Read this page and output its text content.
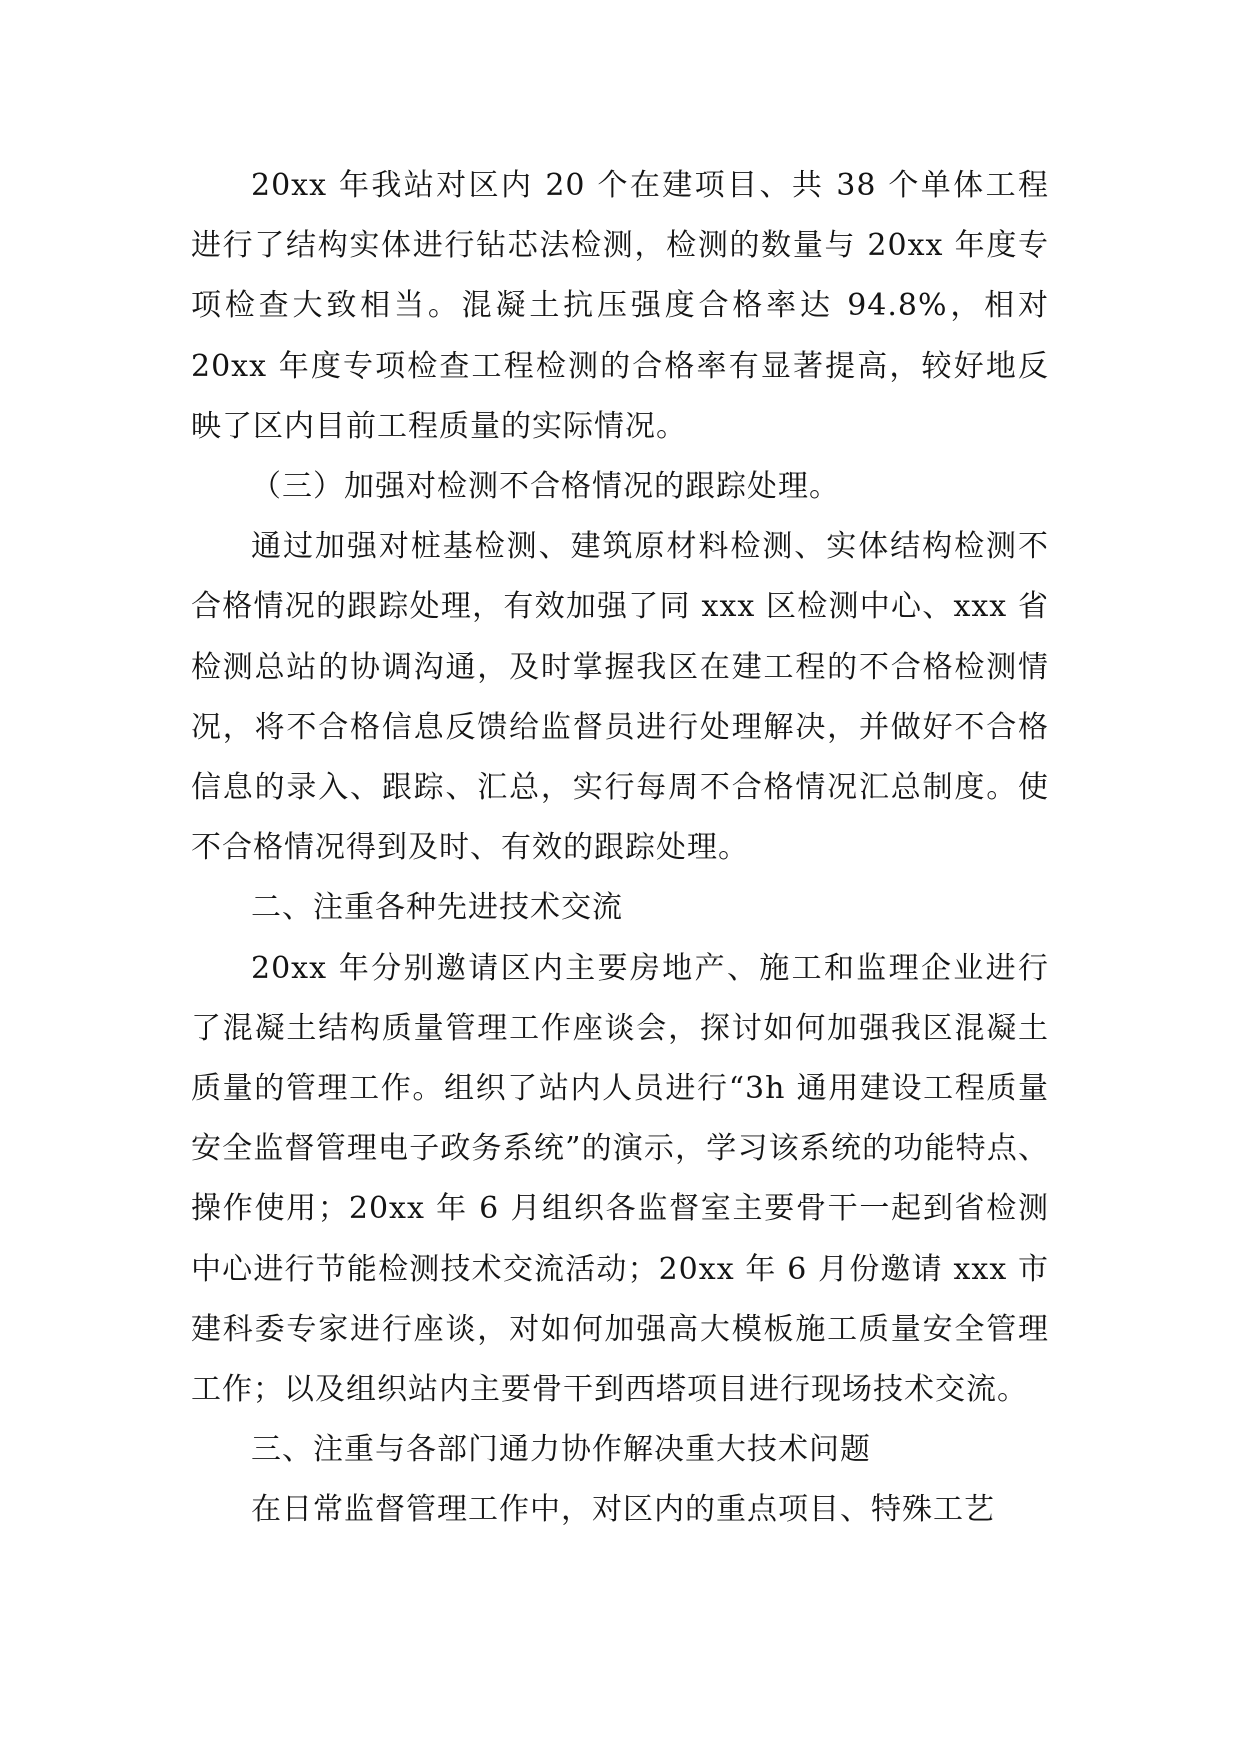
20xx 年我站对区内 20 个在建项目、共 38 个单体工程进行了结构实体进行钻芯法检测，检测的数量与 20xx 年度专项检查大致相当。混凝土抗压强度合格率达 94.8%，相对 20xx 年度专项检查工程检测的合格率有显著提高，较好地反映了区内目前工程质量的实际情况。

（三）加强对检测不合格情况的跟踪处理。

通过加强对桩基检测、建筑原材料检测、实体结构检测不合格情况的跟踪处理，有效加强了同 xxx 区检测中心、xxx 省检测总站的协调沟通，及时掌握我区在建工程的不合格检测情况，将不合格信息反馈给监督员进行处理解决，并做好不合格信息的录入、跟踪、汇总，实行每周不合格情况汇总制度。使不合格情况得到及时、有效的跟踪处理。

二、注重各种先进技术交流

20xx 年分别邀请区内主要房地产、施工和监理企业进行了混凝土结构质量管理工作座谈会，探讨如何加强我区混凝土质量的管理工作。组织了站内人员进行“3h 通用建设工程质量安全监督管理电子政务系统”的演示，学习该系统的功能特点、操作使用；20xx 年 6 月组织各监督室主要骨干一起到省检测中心进行节能检测技术交流活动；20xx 年 6 月份邀请 xxx 市建科委专家进行座谈，对如何加强高大模板施工质量安全管理工作；以及组织站内主要骨干到西塔项目进行现场技术交流。

三、注重与各部门通力协作解决重大技术问题

在日常监督管理工作中，对区内的重点项目、特殊工艺
